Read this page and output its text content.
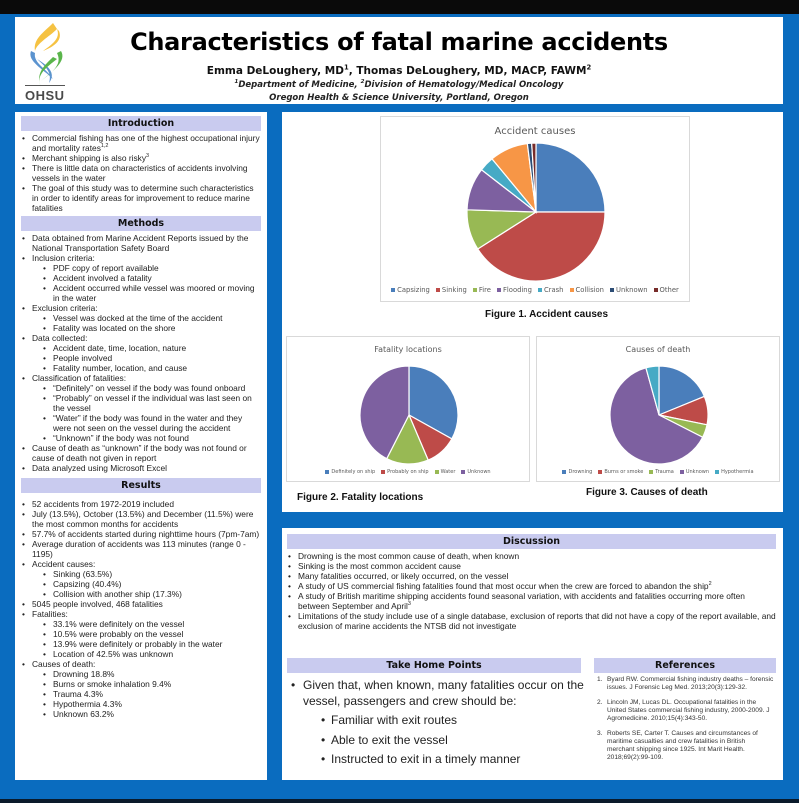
OHSU
Characteristics of fatal marine accidents
Emma DeLoughery, $MD^1$, Thomas DeLoughery, MD, MACP, FAWM$^2$
$^1$Department of Medicine, $^2$Division of Hematology/Medical Oncology
Oregon Health & Science University, Portland, Oregon
Introduction
• Commercial fishing has one of the highest occupational injury and mortality rates$^{1,2}$
• Merchant shipping is also risky$^3$
• There is little data on characteristics of accidents involving vessels in the water
• The goal of this study was to determine such characteristics in order to identify areas for improvement to reduce marine fatalities
Methods
• Data obtained from Marine Accident Reports issued by the National Transportation Safety Board
• Inclusion criteria:
• PDF copy of report available
• Accident involved a fatality
• Accident occurred while vessel was moored or moving in the water
• Exclusion criteria:
• Vessel was docked at the time of the accident
• Fatality was located on the shore
• Data collected:
• Accident date, time, location, nature
• People involved
• Fatality number, location, and cause
• Classification of fatalities:
• “Definitely” on vessel if the body was found onboard
• “Probably” on vessel if the individual was last seen on the vessel
• “Water” if the body was found in the water and they were not seen on the vessel during the accident
• “Unknown” if the body was not found
• Cause of death as “unknown” if the body was not found or cause of death not given in report
• Data analyzed using Microsoft Excel
Results
• 52 accidents from 1972-2019 included
• July (13.5%), October (13.5%) and December (11.5%) were the most common months for accidents
• 57.7% of accidents started during nighttime hours (7pm-7am)
• Average duration of accidents was 113 minutes (range 0 - 1195)
• Accident causes:
• Sinking (63.5%)
• Capsizing (40.4%)
• Collision with another ship (17.3%)
• 5045 people involved, 468 fatalities
• Fatalities:
• 33.1% were definitely on the vessel
• 10.5% were probably on the vessel
• 13.9% were definitely or probably in the water
• Location of 42.5% was unknown
• Causes of death:
• Drowning 18.8%
• Burns or smoke inhalation 9.4%
• Trauma 4.3%
• Hypothermia 4.3%
• Unknown 63.2%
Accident causes
Capsizing Sinking Fire Flooding Crash Collision Unknown Other
Figure 1. Accident causes
Fatality locations
Definitely on ship Probably on ship Water Unknown
Figure 2. Fatality locations
Causes of death
Drowning Burns or smoke Trauma Unknown Hypothermia
Figure 3. Causes of death
Discussion
• Drowning is the most common cause of death, when known
• Sinking is the most common accident cause
• Many fatalities occurred, or likely occurred, on the vessel
• A study of US commercial fishing fatalities found that most occur when the crew are forced to abandon the ship$^2$
• A study of British maritime shipping accidents found seasonal variation, with accidents and fatalities occurring more often between September and April$^3$
• Limitations of the study include use of a single database, exclusion of reports that did not have a copy of the report available, and exclusion of marine accidents the NTSB did not investigate
Take Home Points
• Given that, when known, many fatalities occur on the vessel, passengers and crew should be:
• Familiar with exit routes
• Able to exit the vessel
• Instructed to exit in a timely manner
References
1. Byard RW. Commercial fishing industry deaths – forensic issues. J Forensic Leg Med. 2013;20(3):129-32.
2. Lincoln JM, Lucas DL. Occupational fatalities in the United States commercial fishing industry, 2000-2009. J Agromedicine. 2010;15(4):343-50.
3. Roberts SE, Carter T. Causes and circumstances of maritime casualties and crew fatalities in British merchant shipping since 1925. Int Marit Health. 2018;69(2):99-109.
